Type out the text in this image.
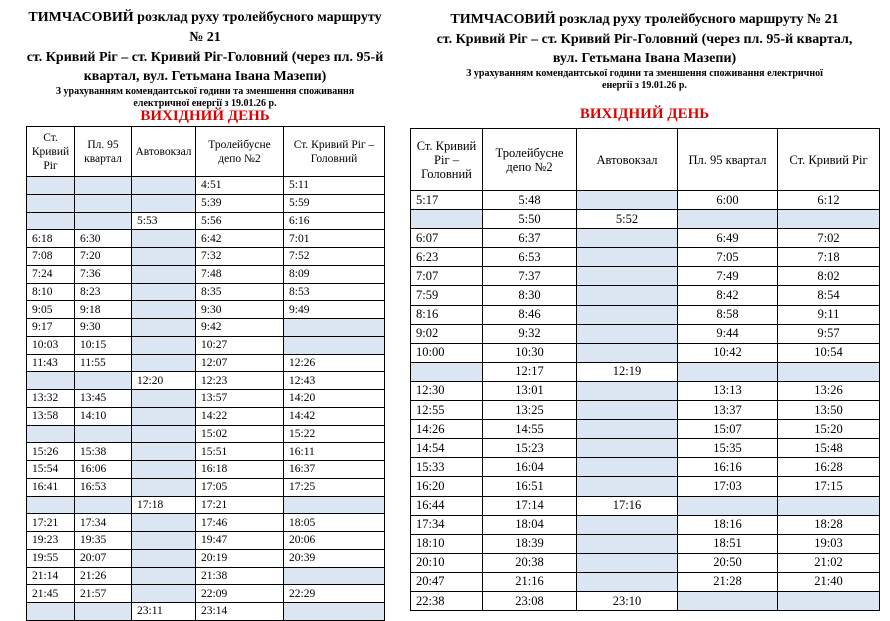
ТИМЧАСОВИЙ розклад руху тролейбусного маршруту

№ 21

ст. Кривий Ріг – ст. Кривий Ріг-Головний (через пл. 95-й

квартал, вул. Гетьмана Івана Мазепи)

З урахуванням комендантської години та зменшення споживання

електричної енергії з 19.01.26 р.

ВИХІДНИЙ ДЕНЬ
Ст. Кривий Ріг	Пл. 95 квартал	Автовокзал	Тролейбусне депо №2	Ст. Кривий Ріг – Головний
			4:51	5:11
			5:39	5:59
		5:53	5:56	6:16
6:18	6:30		6:42	7:01
7:08	7:20		7:32	7:52
7:24	7:36		7:48	8:09
8:10	8:23		8:35	8:53
9:05	9:18		9:30	9:49
9:17	9:30		9:42	
10:03	10:15		10:27	
11:43	11:55		12:07	12:26
		12:20	12:23	12:43
13:32	13:45		13:57	14:20
13:58	14:10		14:22	14:42
			15:02	15:22
15:26	15:38		15:51	16:11
15:54	16:06		16:18	16:37
16:41	16:53		17:05	17:25
		17:18	17:21	
17:21	17:34		17:46	18:05
19:23	19:35		19:47	20:06
19:55	20:07		20:19	20:39
21:14	21:26		21:38	
21:45	21:57		22:09	22:29
		23:11	23:14	

ТИМЧАСОВИЙ розклад руху тролейбусного маршруту № 21

ст. Кривий Ріг – ст. Кривий Ріг-Головний (через пл. 95-й квартал,

вул. Гетьмана Івана Мазепи)

З урахуванням комендантської години та зменшення споживання електричної

енергії з 19.01.26 р.

ВИХІДНИЙ ДЕНЬ
Ст. Кривий Ріг – Головний	Тролейбусне депо №2	Автовокзал	Пл. 95 квартал	Ст. Кривий Ріг
5:17	5:48		6:00	6:12
	5:50	5:52		
6:07	6:37		6:49	7:02
6:23	6:53		7:05	7:18
7:07	7:37		7:49	8:02
7:59	8:30		8:42	8:54
8:16	8:46		8:58	9:11
9:02	9:32		9:44	9:57
10:00	10:30		10:42	10:54
	12:17	12:19		
12:30	13:01		13:13	13:26
12:55	13:25		13:37	13:50
14:26	14:55		15:07	15:20
14:54	15:23		15:35	15:48
15:33	16:04		16:16	16:28
16:20	16:51		17:03	17:15
16:44	17:14	17:16		
17:34	18:04		18:16	18:28
18:10	18:39		18:51	19:03
20:10	20:38		20:50	21:02
20:47	21:16		21:28	21:40
22:38	23:08	23:10		
